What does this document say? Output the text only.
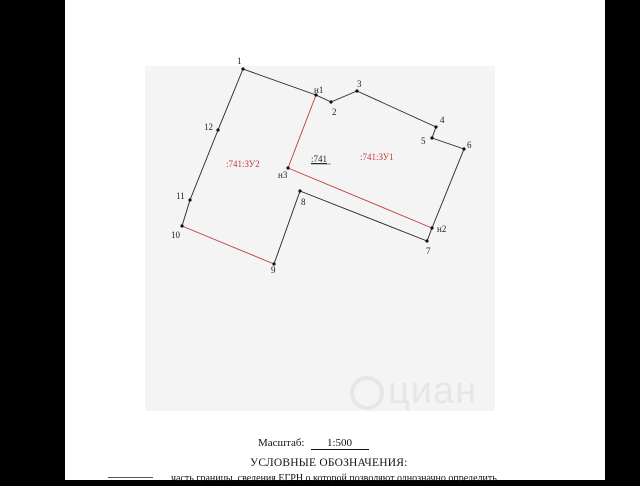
1
2
3
4
5	6
7
8
9
10
11
12
н1
н2
н3
:741:ЗУ2	:741	:741:ЗУ1
циан
Масштаб: 1:500
УСЛОВНЫЕ ОБОЗНАЧЕНИЯ:
часть границы, сведения ЕГРН о которой позволяют однозначно определить
